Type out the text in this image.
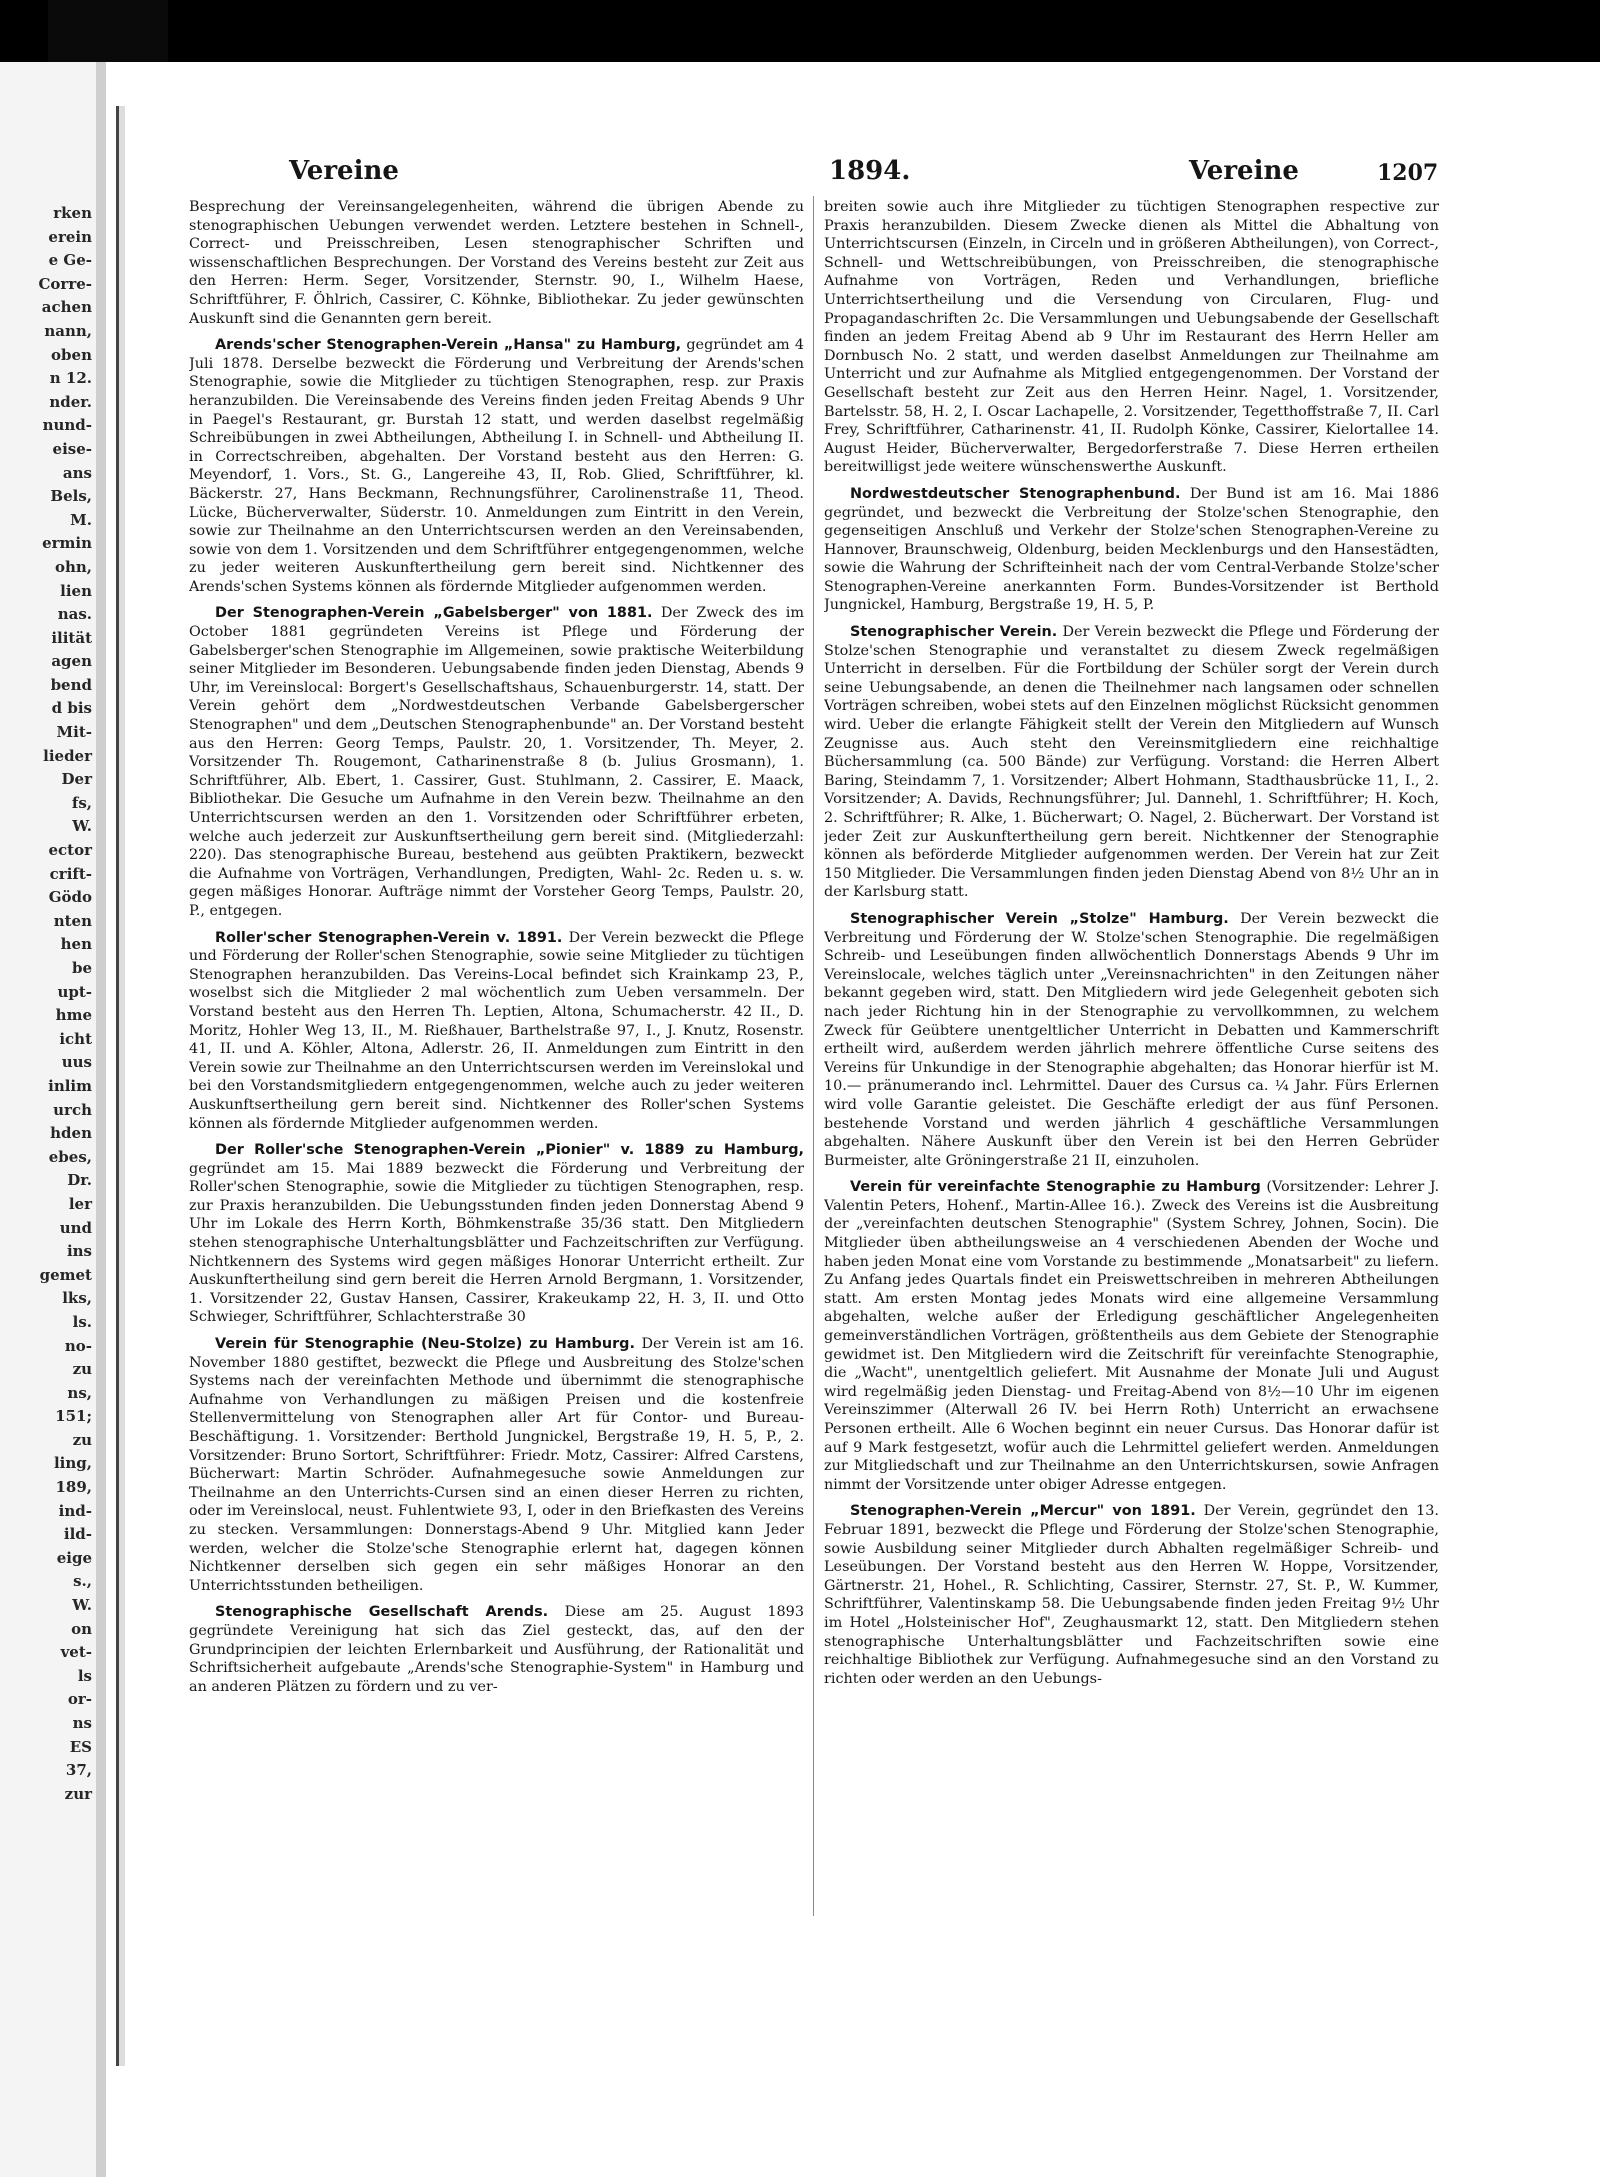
rken
erein
e Ge-
Corre-
achen
nann,
oben
n 12.
nder.
nund-
eise-
ans
Bels,
M.
ermin
ohn,
lien
nas.
ilität
agen
bend
d bis
Mit-
lieder
Der
fs,
W.
ector
crift-
Gödo
nten
hen
be
upt-
hme
icht
uus
inlim
urch
hden
ebes,
Dr.
ler
und
ins
gemet
lks,
ls.
no-
zu
ns,
151;
zu
ling,
189,
ind-
ild-
eige
s.,
W.
on
vet-
ls
or-
ns
ES
37,
zur
Vereine	1894.	Vereine	1207

Besprechung der Vereinsangelegenheiten, während die übrigen Abende zu stenographischen Uebungen verwendet werden. Letztere bestehen in Schnell-, Correct- und Preisschreiben, Lesen stenographischer Schriften und wissenschaftlichen Besprechungen. Der Vorstand des Vereins besteht zur Zeit aus den Herren: Herm. Seger, Vorsitzender, Sternstr. 90, I., Wilhelm Haese, Schriftführer, F. Öhlrich, Cassirer, C. Köhnke, Bibliothekar. Zu jeder gewünschten Auskunft sind die Genannten gern bereit.

Arends'scher Stenographen-Verein „Hansa" zu Hamburg, gegründet am 4 Juli 1878. Derselbe bezweckt die Förderung und Verbreitung der Arends'schen Stenographie, sowie die Mitglieder zu tüchtigen Stenographen, resp. zur Praxis heranzubilden. Die Vereinsabende des Vereins finden jeden Freitag Abends 9 Uhr in Paegel's Restaurant, gr. Burstah 12 statt, und werden daselbst regelmäßig Schreibübungen in zwei Abtheilungen, Abtheilung I. in Schnell- und Abtheilung II. in Correctschreiben, abgehalten. Der Vorstand besteht aus den Herren: G. Meyendorf, 1. Vors., St. G., Langereihe 43, II, Rob. Glied, Schriftführer, kl. Bäckerstr. 27, Hans Beckmann, Rechnungsführer, Carolinenstraße 11, Theod. Lücke, Bücherverwalter, Süderstr. 10. Anmeldungen zum Eintritt in den Verein, sowie zur Theilnahme an den Unterrichtscursen werden an den Vereinsabenden, sowie von dem 1. Vorsitzenden und dem Schriftführer entgegengenommen, welche zu jeder weiteren Auskunftertheilung gern bereit sind. Nichtkenner des Arends'schen Systems können als fördernde Mitglieder aufgenommen werden.

Der Stenographen-Verein „Gabelsberger" von 1881. Der Zweck des im October 1881 gegründeten Vereins ist Pflege und Förderung der Gabelsberger'schen Stenographie im Allgemeinen, sowie praktische Weiterbildung seiner Mitglieder im Besonderen. Uebungsabende finden jeden Dienstag, Abends 9 Uhr, im Vereinslocal: Borgert's Gesellschaftshaus, Schauenburgerstr. 14, statt. Der Verein gehört dem „Nordwestdeutschen Verbande Gabelsbergerscher Stenographen" und dem „Deutschen Stenographenbunde" an. Der Vorstand besteht aus den Herren: Georg Temps, Paulstr. 20, 1. Vorsitzender, Th. Meyer, 2. Vorsitzender Th. Rougemont, Catharinenstraße 8 (b. Julius Grosmann), 1. Schriftführer, Alb. Ebert, 1. Cassirer, Gust. Stuhlmann, 2. Cassirer, E. Maack, Bibliothekar. Die Gesuche um Aufnahme in den Verein bezw. Theilnahme an den Unterrichtscursen werden an den 1. Vorsitzenden oder Schriftführer erbeten, welche auch jederzeit zur Auskunftsertheilung gern bereit sind. (Mitgliederzahl: 220). Das stenographische Bureau, bestehend aus geübten Praktikern, bezweckt die Aufnahme von Vorträgen, Verhandlungen, Predigten, Wahl- 2c. Reden u. s. w. gegen mäßiges Honorar. Aufträge nimmt der Vorsteher Georg Temps, Paulstr. 20, P., entgegen.

Roller'scher Stenographen-Verein v. 1891. Der Verein bezweckt die Pflege und Förderung der Roller'schen Stenographie, sowie seine Mitglieder zu tüchtigen Stenographen heranzubilden. Das Vereins-Local befindet sich Krainkamp 23, P., woselbst sich die Mitglieder 2 mal wöchentlich zum Ueben versammeln. Der Vorstand besteht aus den Herren Th. Leptien, Altona, Schumacherstr. 42 II., D. Moritz, Hohler Weg 13, II., M. Rießhauer, Barthelstraße 97, I., J. Knutz, Rosenstr. 41, II. und A. Köhler, Altona, Adlerstr. 26, II. Anmeldungen zum Eintritt in den Verein sowie zur Theilnahme an den Unterrichtscursen werden im Vereinslokal und bei den Vorstandsmitgliedern entgegengenommen, welche auch zu jeder weiteren Auskunftsertheilung gern bereit sind. Nichtkenner des Roller'schen Systems können als fördernde Mitglieder aufgenommen werden.

Der Roller'sche Stenographen-Verein „Pionier" v. 1889 zu Hamburg, gegründet am 15. Mai 1889 bezweckt die Förderung und Verbreitung der Roller'schen Stenographie, sowie die Mitglieder zu tüchtigen Stenographen, resp. zur Praxis heranzubilden. Die Uebungsstunden finden jeden Donnerstag Abend 9 Uhr im Lokale des Herrn Korth, Böhmkenstraße 35/36 statt. Den Mitgliedern stehen stenographische Unterhaltungsblätter und Fachzeitschriften zur Verfügung. Nichtkennern des Systems wird gegen mäßiges Honorar Unterricht ertheilt. Zur Auskunftertheilung sind gern bereit die Herren Arnold Bergmann, 1. Vorsitzender, 1. Vorsitzender 22, Gustav Hansen, Cassirer, Krakeukamp 22, H. 3, II. und Otto Schwieger, Schriftführer, Schlachterstraße 30

Verein für Stenographie (Neu-Stolze) zu Hamburg. Der Verein ist am 16. November 1880 gestiftet, bezweckt die Pflege und Ausbreitung des Stolze'schen Systems nach der vereinfachten Methode und übernimmt die stenographische Aufnahme von Verhandlungen zu mäßigen Preisen und die kostenfreie Stellenvermittelung von Stenographen aller Art für Contor- und Bureau-Beschäftigung. 1. Vorsitzender: Berthold Jungnickel, Bergstraße 19, H. 5, P., 2. Vorsitzender: Bruno Sortort, Schriftführer: Friedr. Motz, Cassirer: Alfred Carstens, Bücherwart: Martin Schröder. Aufnahmegesuche sowie Anmeldungen zur Theilnahme an den Unterrichts-Cursen sind an einen dieser Herren zu richten, oder im Vereinslocal, neust. Fuhlentwiete 93, I, oder in den Briefkasten des Vereins zu stecken. Versammlungen: Donnerstags-Abend 9 Uhr. Mitglied kann Jeder werden, welcher die Stolze'sche Stenographie erlernt hat, dagegen können Nichtkenner derselben sich gegen ein sehr mäßiges Honorar an den Unterrichtsstunden betheiligen.

Stenographische Gesellschaft Arends. Diese am 25. August 1893 gegründete Vereinigung hat sich das Ziel gesteckt, das, auf den der Grundprincipien der leichten Erlernbarkeit und Ausführung, der Rationalität und Schriftsicherheit aufgebaute „Arends'sche Stenographie-System" in Hamburg und an anderen Plätzen zu fördern und zu ver-

breiten sowie auch ihre Mitglieder zu tüchtigen Stenographen respective zur Praxis heranzubilden. Diesem Zwecke dienen als Mittel die Abhaltung von Unterrichtscursen (Einzeln, in Circeln und in größeren Abtheilungen), von Correct-, Schnell- und Wettschreibübungen, von Preisschreiben, die stenographische Aufnahme von Vorträgen, Reden und Verhandlungen, briefliche Unterrichtsertheilung und die Versendung von Circularen, Flug- und Propagandaschriften 2c. Die Versammlungen und Uebungsabende der Gesellschaft finden an jedem Freitag Abend ab 9 Uhr im Restaurant des Herrn Heller am Dornbusch No. 2 statt, und werden daselbst Anmeldungen zur Theilnahme am Unterricht und zur Aufnahme als Mitglied entgegengenommen. Der Vorstand der Gesellschaft besteht zur Zeit aus den Herren Heinr. Nagel, 1. Vorsitzender, Bartelsstr. 58, H. 2, I. Oscar Lachapelle, 2. Vorsitzender, Tegetthoffstraße 7, II. Carl Frey, Schriftführer, Catharinenstr. 41, II. Rudolph Könke, Cassirer, Kielortallee 14. August Heider, Bücherverwalter, Bergedorferstraße 7. Diese Herren ertheilen bereitwilligst jede weitere wünschenswerthe Auskunft.

Nordwestdeutscher Stenographenbund. Der Bund ist am 16. Mai 1886 gegründet, und bezweckt die Verbreitung der Stolze'schen Stenographie, den gegenseitigen Anschluß und Verkehr der Stolze'schen Stenographen-Vereine zu Hannover, Braunschweig, Oldenburg, beiden Mecklenburgs und den Hansestädten, sowie die Wahrung der Schrifteinheit nach der vom Central-Verbande Stolze'scher Stenographen-Vereine anerkannten Form. Bundes-Vorsitzender ist Berthold Jungnickel, Hamburg, Bergstraße 19, H. 5, P.

Stenographischer Verein. Der Verein bezweckt die Pflege und Förderung der Stolze'schen Stenographie und veranstaltet zu diesem Zweck regelmäßigen Unterricht in derselben. Für die Fortbildung der Schüler sorgt der Verein durch seine Uebungsabende, an denen die Theilnehmer nach langsamen oder schnellen Vorträgen schreiben, wobei stets auf den Einzelnen möglichst Rücksicht genommen wird. Ueber die erlangte Fähigkeit stellt der Verein den Mitgliedern auf Wunsch Zeugnisse aus. Auch steht den Vereinsmitgliedern eine reichhaltige Büchersammlung (ca. 500 Bände) zur Verfügung. Vorstand: die Herren Albert Baring, Steindamm 7, 1. Vorsitzender; Albert Hohmann, Stadthausbrücke 11, I., 2. Vorsitzender; A. Davids, Rechnungsführer; Jul. Dannehl, 1. Schriftführer; H. Koch, 2. Schriftführer; R. Alke, 1. Bücherwart; O. Nagel, 2. Bücherwart. Der Vorstand ist jeder Zeit zur Auskunftertheilung gern bereit. Nichtkenner der Stenographie können als beförderde Mitglieder aufgenommen werden. Der Verein hat zur Zeit 150 Mitglieder. Die Versammlungen finden jeden Dienstag Abend von 8½ Uhr an in der Karlsburg statt.

Stenographischer Verein „Stolze" Hamburg. Der Verein bezweckt die Verbreitung und Förderung der W. Stolze'schen Stenographie. Die regelmäßigen Schreib- und Leseübungen finden allwöchentlich Donnerstags Abends 9 Uhr im Vereinslocale, welches täglich unter „Vereinsnachrichten" in den Zeitungen näher bekannt gegeben wird, statt. Den Mitgliedern wird jede Gelegenheit geboten sich nach jeder Richtung hin in der Stenographie zu vervollkommnen, zu welchem Zweck für Geübtere unentgeltlicher Unterricht in Debatten und Kammerschrift ertheilt wird, außerdem werden jährlich mehrere öffentliche Curse seitens des Vereins für Unkundige in der Stenographie abgehalten; das Honorar hierfür ist M. 10.— pränumerando incl. Lehrmittel. Dauer des Cursus ca. ¼ Jahr. Fürs Erlernen wird volle Garantie geleistet. Die Geschäfte erledigt der aus fünf Personen. bestehende Vorstand und werden jährlich 4 geschäftliche Versammlungen abgehalten. Nähere Auskunft über den Verein ist bei den Herren Gebrüder Burmeister, alte Gröningerstraße 21 II, einzuholen.

Verein für vereinfachte Stenographie zu Hamburg (Vorsitzender: Lehrer J. Valentin Peters, Hohenf., Martin-Allee 16.). Zweck des Vereins ist die Ausbreitung der „vereinfachten deutschen Stenographie" (System Schrey, Johnen, Socin). Die Mitglieder üben abtheilungsweise an 4 verschiedenen Abenden der Woche und haben jeden Monat eine vom Vorstande zu bestimmende „Monatsarbeit" zu liefern. Zu Anfang jedes Quartals findet ein Preiswettschreiben in mehreren Abtheilungen statt. Am ersten Montag jedes Monats wird eine allgemeine Versammlung abgehalten, welche außer der Erledigung geschäftlicher Angelegenheiten gemeinverständlichen Vorträgen, größtentheils aus dem Gebiete der Stenographie gewidmet ist. Den Mitgliedern wird die Zeitschrift für vereinfachte Stenographie, die „Wacht", unentgeltlich geliefert. Mit Ausnahme der Monate Juli und August wird regelmäßig jeden Dienstag- und Freitag-Abend von 8½—10 Uhr im eigenen Vereinszimmer (Alterwall 26 IV. bei Herrn Roth) Unterricht an erwachsene Personen ertheilt. Alle 6 Wochen beginnt ein neuer Cursus. Das Honorar dafür ist auf 9 Mark festgesetzt, wofür auch die Lehrmittel geliefert werden. Anmeldungen zur Mitgliedschaft und zur Theilnahme an den Unterrichtskursen, sowie Anfragen nimmt der Vorsitzende unter obiger Adresse entgegen.

Stenographen-Verein „Mercur" von 1891. Der Verein, gegründet den 13. Februar 1891, bezweckt die Pflege und Förderung der Stolze'schen Stenographie, sowie Ausbildung seiner Mitglieder durch Abhalten regelmäßiger Schreib- und Leseübungen. Der Vorstand besteht aus den Herren W. Hoppe, Vorsitzender, Gärtnerstr. 21, Hohel., R. Schlichting, Cassirer, Sternstr. 27, St. P., W. Kummer, Schriftführer, Valentinskamp 58. Die Uebungsabende finden jeden Freitag 9½ Uhr im Hotel „Holsteinischer Hof", Zeughausmarkt 12, statt. Den Mitgliedern stehen stenographische Unterhaltungsblätter und Fachzeitschriften sowie eine reichhaltige Bibliothek zur Verfügung. Aufnahmegesuche sind an den Vorstand zu richten oder werden an den Uebungs-
